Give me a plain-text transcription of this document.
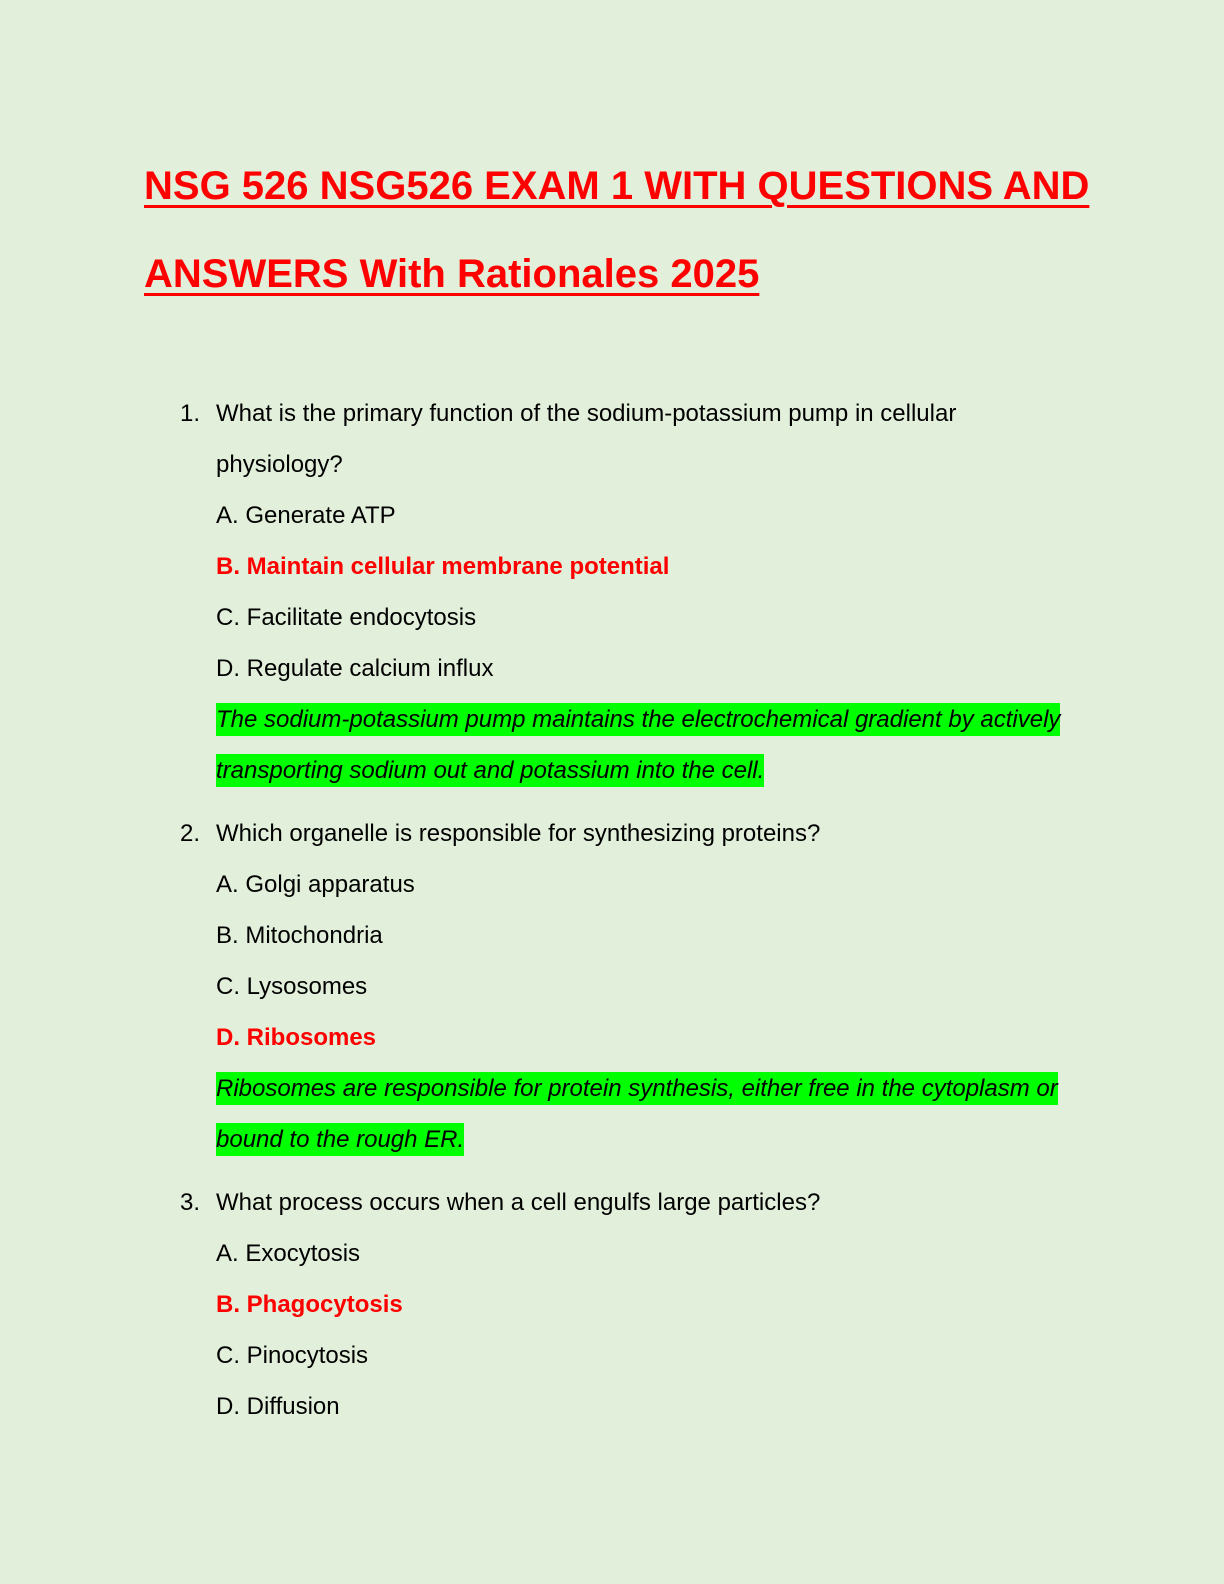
NSG 526 NSG526 EXAM 1 WITH QUESTIONS AND ANSWERS With Rationales 2025
1. What is the primary function of the sodium-potassium pump in cellular physiology?
A. Generate ATP
B. Maintain cellular membrane potential
C. Facilitate endocytosis
D. Regulate calcium influx
The sodium-potassium pump maintains the electrochemical gradient by actively transporting sodium out and potassium into the cell.
2. Which organelle is responsible for synthesizing proteins?
A. Golgi apparatus
B. Mitochondria
C. Lysosomes
D. Ribosomes
Ribosomes are responsible for protein synthesis, either free in the cytoplasm or bound to the rough ER.
3. What process occurs when a cell engulfs large particles?
A. Exocytosis
B. Phagocytosis
C. Pinocytosis
D. Diffusion
